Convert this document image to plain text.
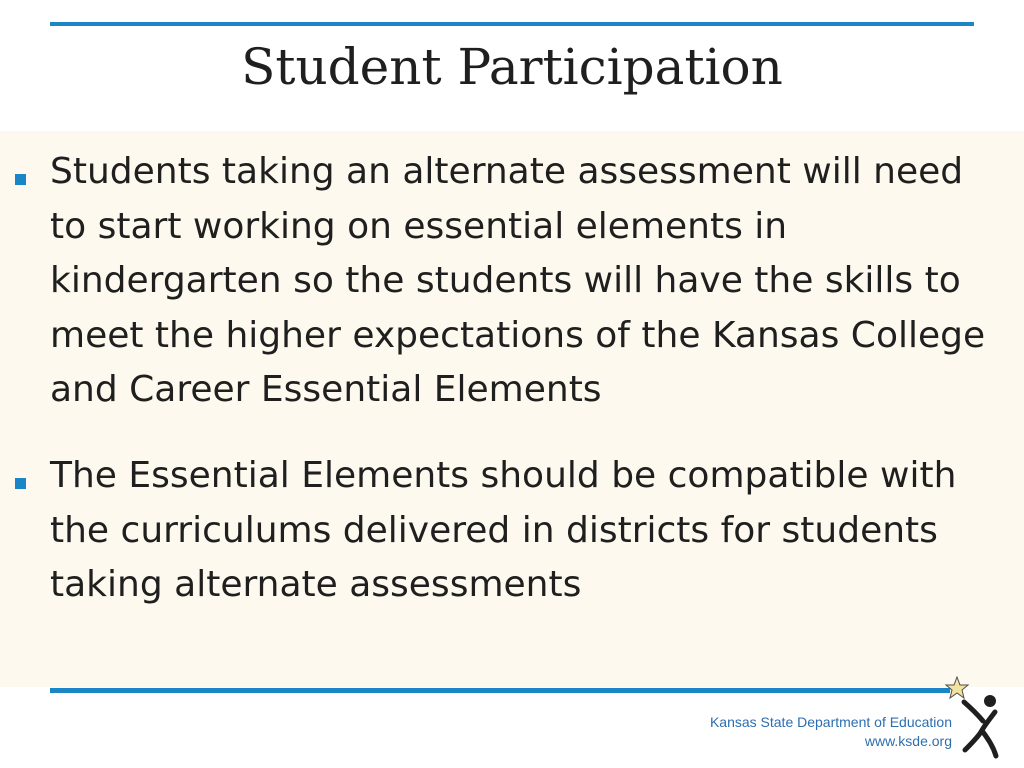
Student Participation

Students taking an alternate assessment will need to start working on essential elements in kindergarten so the students will have the skills to meet the higher expectations of the Kansas College and Career Essential Elements

The Essential Elements should be compatible with the curriculums delivered in districts for students taking alternate assessments

Kansas State Department of Education
www.ksde.org
